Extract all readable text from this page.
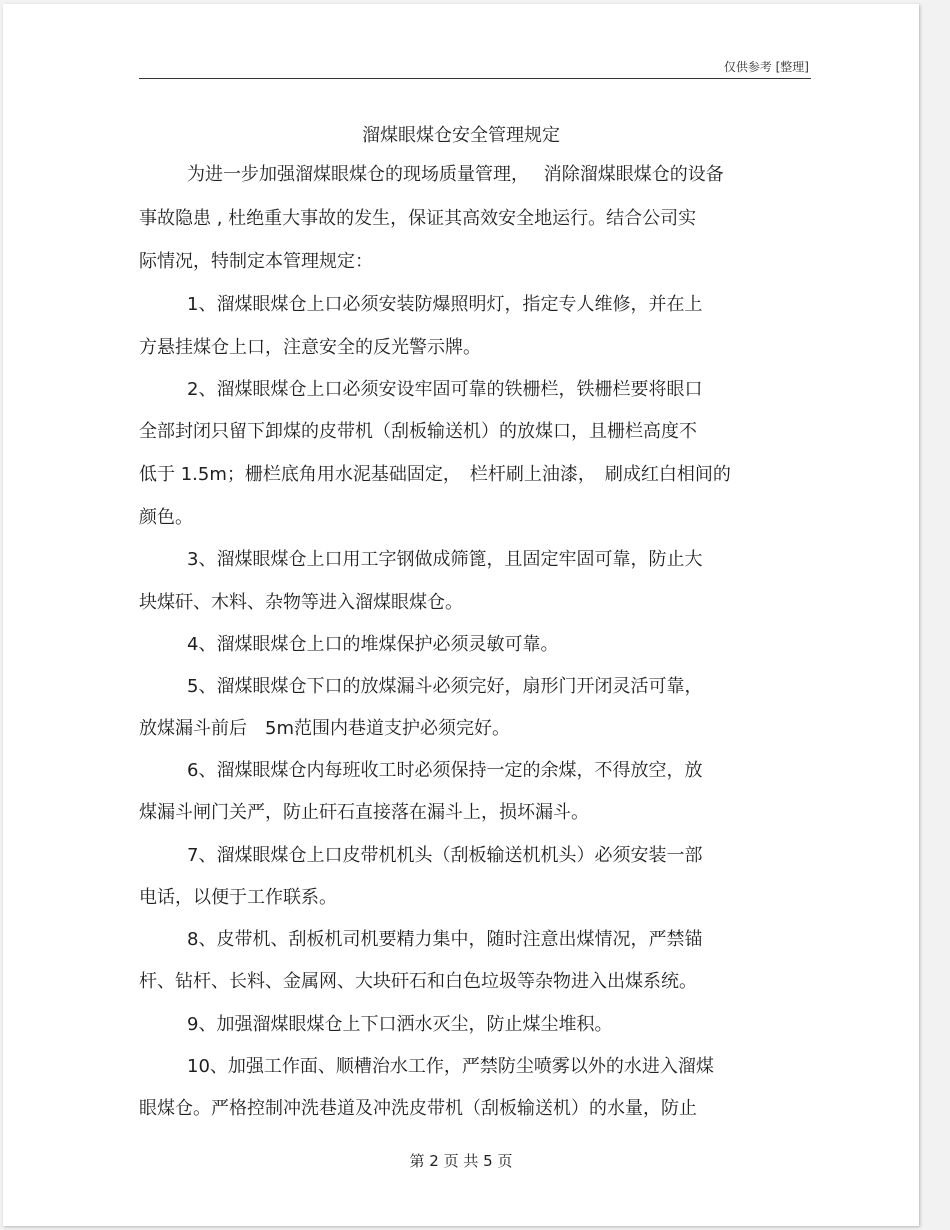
仅供参考 [整理]
溜煤眼煤仓安全管理规定
为进一步加强溜煤眼煤仓的现场质量管理，　 消除溜煤眼煤仓的设备
事故隐患 , 杜绝重大事故的发生，保证其高效安全地运行。结合公司实
际情况，特制定本管理规定：
1、溜煤眼煤仓上口必须安装防爆照明灯，指定专人维修，并在上
方悬挂煤仓上口，注意安全的反光警示牌。
2、溜煤眼煤仓上口必须安设牢固可靠的铁栅栏，铁栅栏要将眼口
全部封闭只留下卸煤的皮带机（刮板输送机）的放煤口，且栅栏高度不
低于 1.5m；栅栏底角用水泥基础固定，　栏杆刷上油漆，　刷成红白相间的
颜色。
3、溜煤眼煤仓上口用工字钢做成筛篦，且固定牢固可靠，防止大
块煤矸、木料、杂物等进入溜煤眼煤仓。
4、溜煤眼煤仓上口的堆煤保护必须灵敏可靠。
5、溜煤眼煤仓下口的放煤漏斗必须完好，扇形门开闭灵活可靠，
放煤漏斗前后　5m范围内巷道支护必须完好。
6、溜煤眼煤仓内每班收工时必须保持一定的余煤，不得放空，放
煤漏斗闸门关严，防止矸石直接落在漏斗上，损坏漏斗。
7、溜煤眼煤仓上口皮带机机头（刮板输送机机头）必须安装一部
电话，以便于工作联系。
8、皮带机、刮板机司机要精力集中，随时注意出煤情况，严禁锚
杆、钻杆、长料、金属网、大块矸石和白色垃圾等杂物进入出煤系统。
9、加强溜煤眼煤仓上下口洒水灭尘，防止煤尘堆积。
10、加强工作面、顺槽治水工作，严禁防尘喷雾以外的水进入溜煤
眼煤仓。严格控制冲洗巷道及冲洗皮带机（刮板输送机）的水量，防止
第 2 页 共 5 页
